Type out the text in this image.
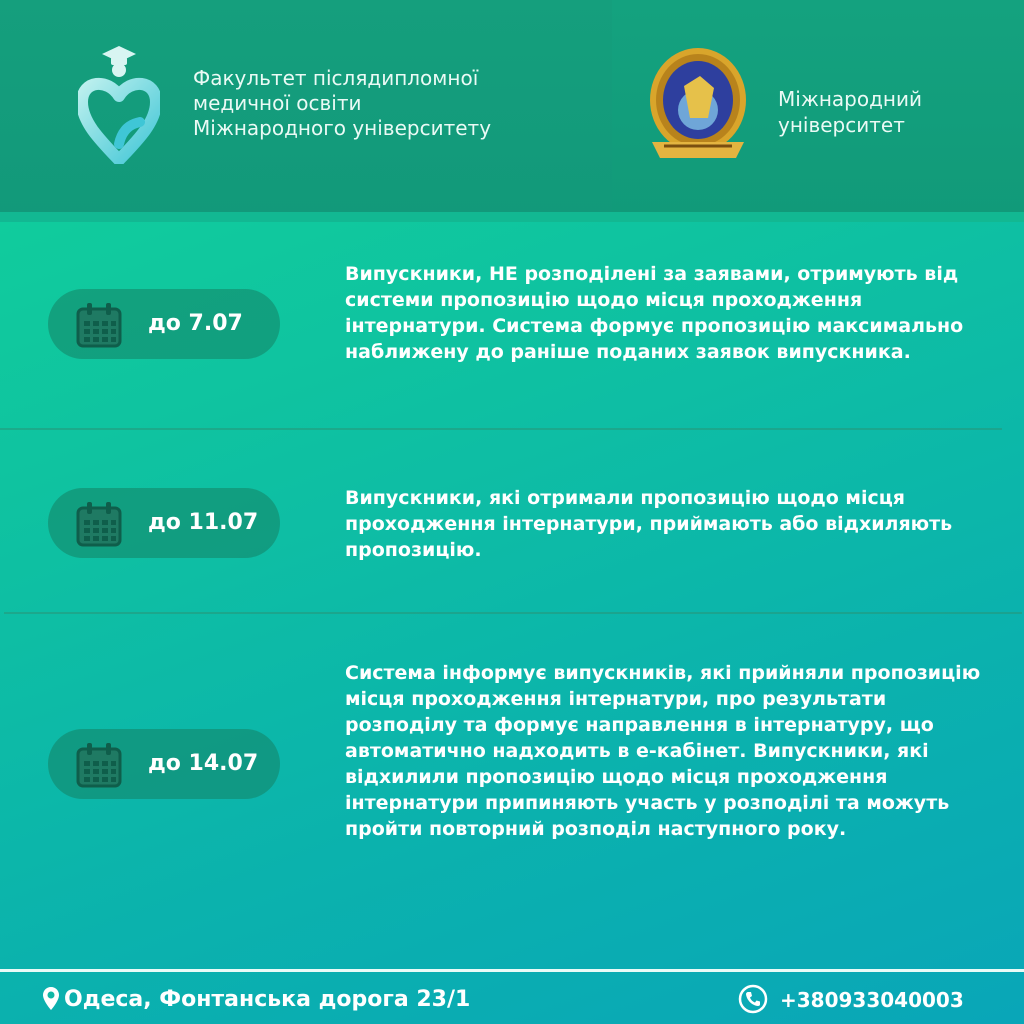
Факультет післядипломної медичної освіти Міжнародного університету
Міжнародний університет
до 7.07
Випускники, НЕ розподілені за заявами, отримують від системи пропозицію щодо місця проходження інтернатури. Система формує пропозицію максимально наближену до раніше поданих заявок випускника.
до 11.07
Випускники, які отримали пропозицію щодо місця проходження інтернатури, приймають або відхиляють пропозицію.
до 14.07
Система інформує випускників, які прийняли пропозицію місця проходження інтернатури, про результати розподілу та формує направлення в інтернатуру, що автоматично надходить в е-кабінет. Випускники, які відхилили пропозицію щодо місця проходження інтернатури припиняють участь у розподілі та можуть пройти повторний розподіл наступного року.
Одеса, Фонтанська дорога 23/1	+380933040003
